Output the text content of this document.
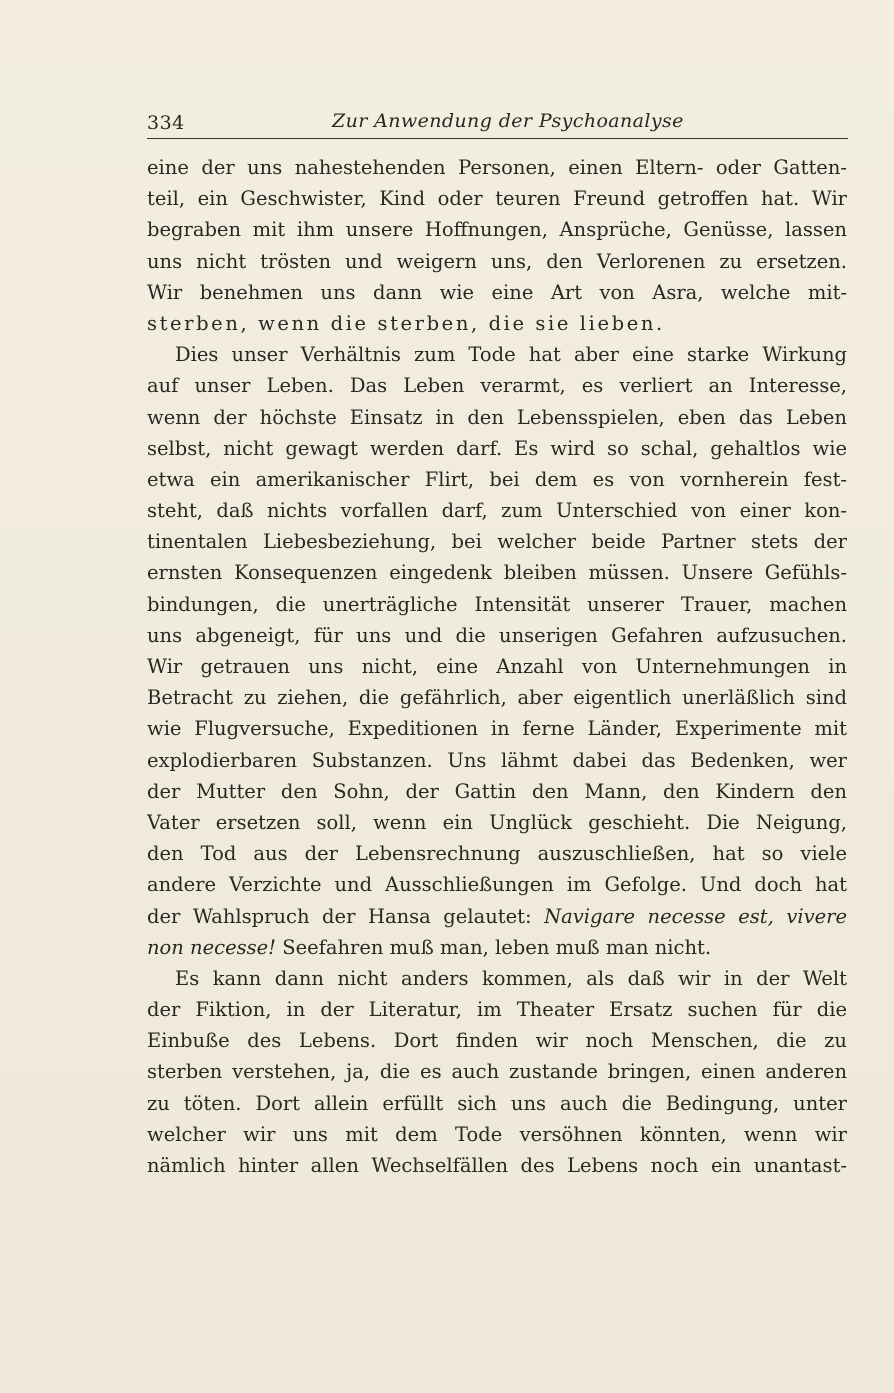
334	Zur Anwendung der Psychoanalyse
eine der uns nahestehenden Personen, einen Eltern- oder Gatten-
teil, ein Geschwister, Kind oder teuren Freund getroffen hat. Wir
begraben mit ihm unsere Hoffnungen, Ansprüche, Genüsse, lassen
uns nicht trösten und weigern uns, den Verlorenen zu ersetzen.
Wir benehmen uns dann wie eine Art von Asra, welche mit-
sterben, wenn die sterben, die sie lieben.
Dies unser Verhältnis zum Tode hat aber eine starke Wirkung
auf unser Leben. Das Leben verarmt, es verliert an Interesse,
wenn der höchste Einsatz in den Lebensspielen, eben das Leben
selbst, nicht gewagt werden darf. Es wird so schal, gehaltlos wie
etwa ein amerikanischer Flirt, bei dem es von vornherein fest-
steht, daß nichts vorfallen darf, zum Unterschied von einer kon-
tinentalen Liebesbeziehung, bei welcher beide Partner stets der
ernsten Konsequenzen eingedenk bleiben müssen. Unsere Gefühls-
bindungen, die unerträgliche Intensität unserer Trauer, machen
uns abgeneigt, für uns und die unserigen Gefahren aufzusuchen.
Wir getrauen uns nicht, eine Anzahl von Unternehmungen in
Betracht zu ziehen, die gefährlich, aber eigentlich unerläßlich sind
wie Flugversuche, Expeditionen in ferne Länder, Experimente mit
explodierbaren Substanzen. Uns lähmt dabei das Bedenken, wer
der Mutter den Sohn, der Gattin den Mann, den Kindern den
Vater ersetzen soll, wenn ein Unglück geschieht. Die Neigung,
den Tod aus der Lebensrechnung auszuschließen, hat so viele
andere Verzichte und Ausschließungen im Gefolge. Und doch hat
der Wahlspruch der Hansa gelautet: Navigare necesse est, vivere
non necesse! Seefahren muß man, leben muß man nicht.
Es kann dann nicht anders kommen, als daß wir in der Welt
der Fiktion, in der Literatur, im Theater Ersatz suchen für die
Einbuße des Lebens. Dort finden wir noch Menschen, die zu
sterben verstehen, ja, die es auch zustande bringen, einen anderen
zu töten. Dort allein erfüllt sich uns auch die Bedingung, unter
welcher wir uns mit dem Tode versöhnen könnten, wenn wir
nämlich hinter allen Wechselfällen des Lebens noch ein unantast-
